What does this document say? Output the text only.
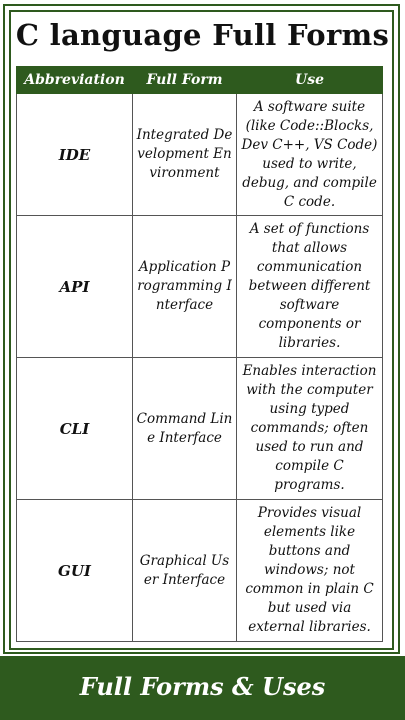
C language Full Forms
Abbreviation	Full Form	Use
IDE	Integrated Development Environment	A software suite (like Code::Blocks, Dev C++, VS Code) used to write, debug, and compile C code.
API	Application Programming Interface	A set of functions that allows communication between different software components or libraries.
CLI	Command Line Interface	Enables interaction with the computer using typed commands; often used to run and compile C programs.
GUI	Graphical User Interface	Provides visual elements like buttons and windows; not common in plain C but used via external libraries.
Full Forms & Uses
